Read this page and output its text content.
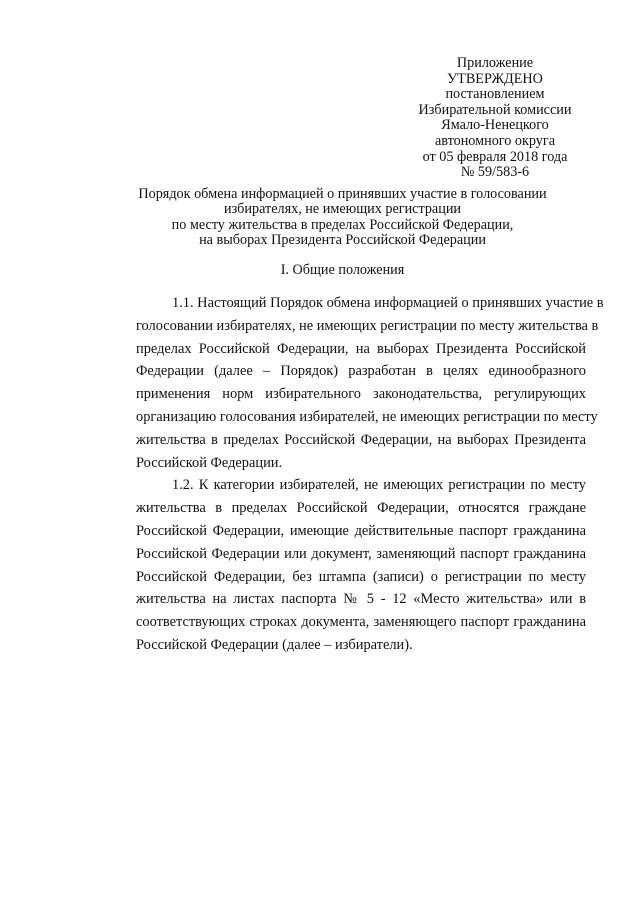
Приложение
УТВЕРЖДЕНО
постановлением
Избирательной комиссии
Ямало-Ненецкого
автономного округа
от 05 февраля 2018 года
№ 59/583-6
Порядок обмена информацией о принявших участие в голосовании
избирателях, не имеющих регистрации
по месту жительства в пределах Российской Федерации,
на выборах Президента Российской Федерации
I. Общие положения
1.1. Настоящий Порядок обмена информацией о принявших участие в
голосовании избирателях, не имеющих регистрации по месту жительства в
пределах Российской Федерации, на выборах Президента Российской
Федерации (далее – Порядок) разработан в целях единообразного
применения норм избирательного законодательства, регулирующих
организацию голосования избирателей, не имеющих регистрации по месту
жительства в пределах Российской Федерации, на выборах Президента
Российской Федерации.
1.2. К категории избирателей, не имеющих регистрации по месту
жительства в пределах Российской Федерации, относятся граждане
Российской Федерации, имеющие действительные паспорт гражданина
Российской Федерации или документ, заменяющий паспорт гражданина
Российской Федерации, без штампа (записи) о регистрации по месту
жительства на листах паспорта № 5 - 12 «Место жительства» или в
соответствующих строках документа, заменяющего паспорт гражданина
Российской Федерации (далее – избиратели).
